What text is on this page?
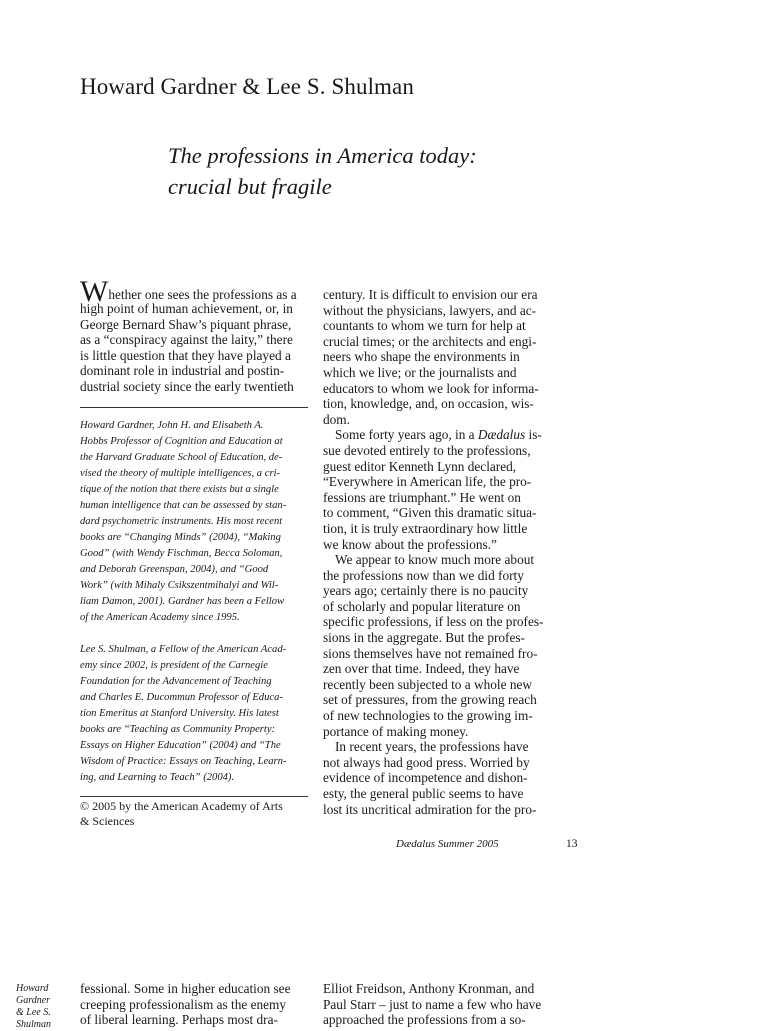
Howard Gardner & Lee S. Shulman
The professions in America today:
crucial but fragile
Whether one sees the professions as a
high point of human achievement, or, in
George Bernard Shaw’s piquant phrase,
as a “conspiracy against the laity,” there
is little question that they have played a
dominant role in industrial and postin-
dustrial society since the early twentieth
Howard Gardner, John H. and Elisabeth A.
Hobbs Professor of Cognition and Education at
the Harvard Graduate School of Education, de-
vised the theory of multiple intelligences, a cri-
tique of the notion that there exists but a single
human intelligence that can be assessed by stan-
dard psychometric instruments. His most recent
books are “Changing Minds” (2004), “Making
Good” (with Wendy Fischman, Becca Soloman,
and Deborah Greenspan, 2004), and “Good
Work” (with Mihaly Csikszentmihalyi and Wil-
liam Damon, 2001). Gardner has been a Fellow
of the American Academy since 1995.
Lee S. Shulman, a Fellow of the American Acad-
emy since 2002, is president of the Carnegie
Foundation for the Advancement of Teaching
and Charles E. Ducommun Professor of Educa-
tion Emeritus at Stanford University. His latest
books are “Teaching as Community Property:
Essays on Higher Education” (2004) and “The
Wisdom of Practice: Essays on Teaching, Learn-
ing, and Learning to Teach” (2004).
© 2005 by the American Academy of Arts
& Sciences
century. It is difficult to envision our era
without the physicians, lawyers, and ac-
countants to whom we turn for help at
crucial times; or the architects and engi-
neers who shape the environments in
which we live; or the journalists and
educators to whom we look for informa-
tion, knowledge, and, on occasion, wis-
dom.
Some forty years ago, in a Dædalus is-
sue devoted entirely to the professions,
guest editor Kenneth Lynn declared,
“Everywhere in American life, the pro-
fessions are triumphant.” He went on
to comment, “Given this dramatic situa-
tion, it is truly extraordinary how little
we know about the professions.”
We appear to know much more about
the professions now than we did forty
years ago; certainly there is no paucity
of scholarly and popular literature on
specific professions, if less on the profes-
sions in the aggregate. But the profes-
sions themselves have not remained fro-
zen over that time. Indeed, they have
recently been subjected to a whole new
set of pressures, from the growing reach
of new technologies to the growing im-
portance of making money.
In recent years, the professions have
not always had good press. Worried by
evidence of incompetence and dishon-
esty, the general public seems to have
lost its uncritical admiration for the pro-
Dædalus Summer 2005	13
Howard
Gardner
& Lee S.
Shulman
fessional. Some in higher education see
creeping professionalism as the enemy
of liberal learning. Perhaps most dra-
Elliot Freidson, Anthony Kronman, and
Paul Starr – just to name a few who have
approached the professions from a so-
